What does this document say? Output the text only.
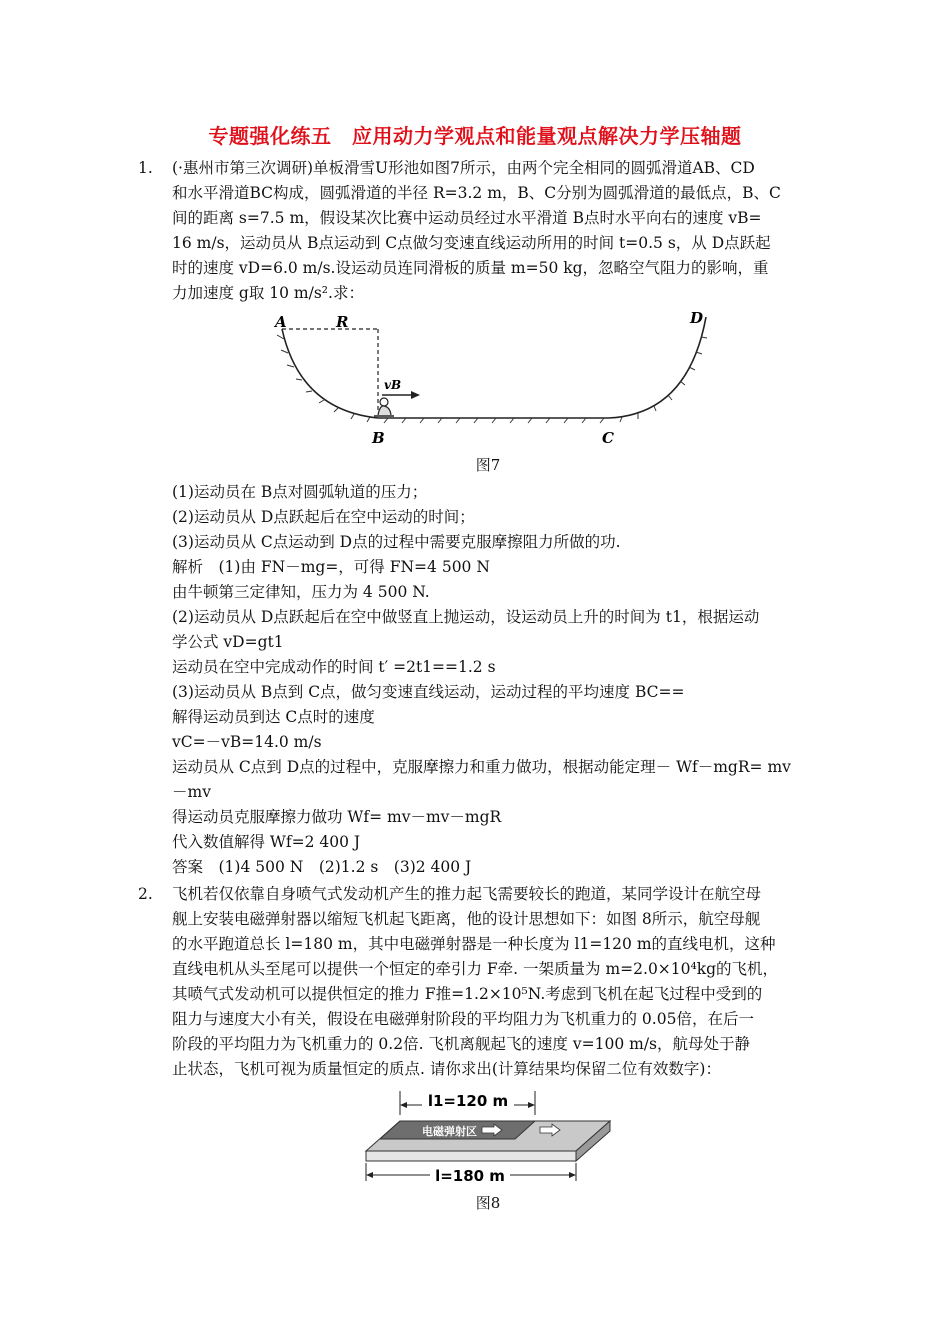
专题强化练五　应用动力学观点和能量观点解决力学压轴题
1. (·惠州市第三次调研)单板滑雪U形池如图7所示，由两个完全相同的圆弧滑道AB、CD
和水平滑道BC构成，圆弧滑道的半径 R=3.2 m，B、C分别为圆弧滑道的最低点，B、C
间的距离 s=7.5 m，假设某次比赛中运动员经过水平滑道 B点时水平向右的速度 vB=
16 m/s，运动员从 B点运动到 C点做匀变速直线运动所用的时间 t=0.5 s，从 D点跃起
时的速度 vD=6.0 m/s.设运动员连同滑板的质量 m=50 kg，忽略空气阻力的影响，重
力加速度 g取 10 m/s².求：
A	R	D
vB
B	C
图7
(1)运动员在 B点对圆弧轨道的压力；
(2)运动员从 D点跃起后在空中运动的时间；
(3)运动员从 C点运动到 D点的过程中需要克服摩擦阻力所做的功.
解析　(1)由 FN－mg=，可得 FN=4 500 N
由牛顿第三定律知，压力为 4 500 N.
(2)运动员从 D点跃起后在空中做竖直上抛运动，设运动员上升的时间为 t1，根据运动
学公式 vD=gt1
运动员在空中完成动作的时间 t′ =2t1==1.2 s
(3)运动员从 B点到 C点，做匀变速直线运动，运动过程的平均速度 BC==
解得运动员到达 C点时的速度
vC=－vB=14.0 m/s
运动员从 C点到 D点的过程中，克服摩擦力和重力做功，根据动能定理－ Wf－mgR= mv
－mv
得运动员克服摩擦力做功 Wf= mv－mv－mgR
代入数值解得 Wf=2 400 J
答案　(1)4 500 N　(2)1.2 s　(3)2 400 J
2. 飞机若仅依靠自身喷气式发动机产生的推力起飞需要较长的跑道，某同学设计在航空母
舰上安装电磁弹射器以缩短飞机起飞距离，他的设计思想如下：如图 8所示，航空母舰
的水平跑道总长 l=180 m，其中电磁弹射器是一种长度为 l1=120 m的直线电机，这种
直线电机从头至尾可以提供一个恒定的牵引力 F牵. 一架质量为 m=2.0×10⁴kg的飞机，
其喷气式发动机可以提供恒定的推力 F推=1.2×10⁵N.考虑到飞机在起飞过程中受到的
阻力与速度大小有关，假设在电磁弹射阶段的平均阻力为飞机重力的 0.05倍，在后一
阶段的平均阻力为飞机重力的 0.2倍. 飞机离舰起飞的速度 v=100 m/s，航母处于静
止状态，飞机可视为质量恒定的质点. 请你求出(计算结果均保留二位有效数字)：
l1=120 m
电磁弹射区
l=180 m
图8
